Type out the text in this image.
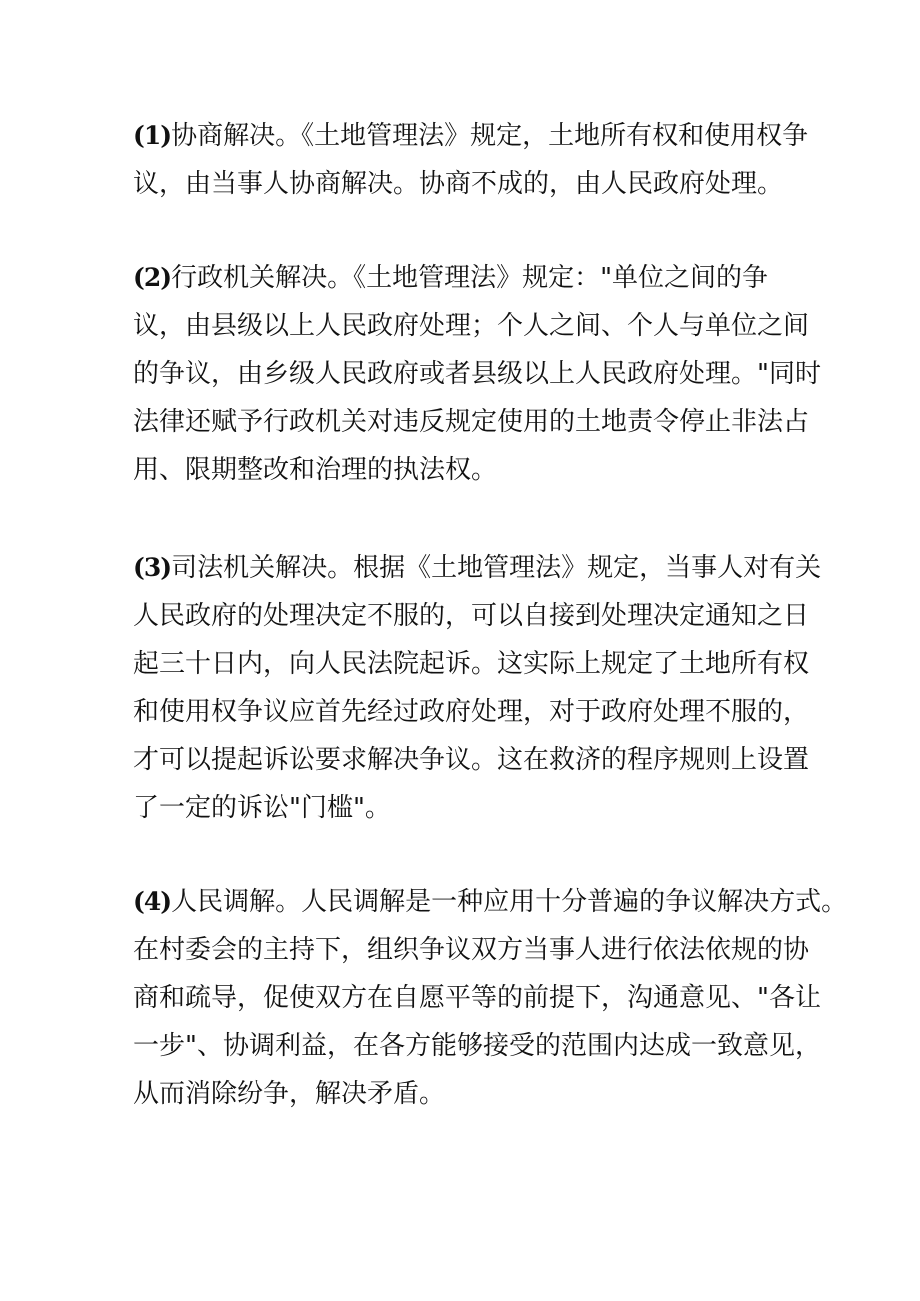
(1)协商解决。《土地管理法》规定，土地所有权和使用权争
议，由当事人协商解决。协商不成的，由人民政府处理。
(2)行政机关解决。《土地管理法》规定："单位之间的争
议，由县级以上人民政府处理；个人之间、个人与单位之间
的争议，由乡级人民政府或者县级以上人民政府处理。"同时
法律还赋予行政机关对违反规定使用的土地责令停止非法占
用、限期整改和治理的执法权。
(3)司法机关解决。根据《土地管理法》规定，当事人对有关
人民政府的处理决定不服的，可以自接到处理决定通知之日
起三十日内，向人民法院起诉。这实际上规定了土地所有权
和使用权争议应首先经过政府处理，对于政府处理不服的，
才可以提起诉讼要求解决争议。这在救济的程序规则上设置
了一定的诉讼"门槛"。
(4)人民调解。人民调解是一种应用十分普遍的争议解决方式。
在村委会的主持下，组织争议双方当事人进行依法依规的协
商和疏导，促使双方在自愿平等的前提下，沟通意见、"各让
一步"、协调利益，在各方能够接受的范围内达成一致意见，
从而消除纷争，解决矛盾。
